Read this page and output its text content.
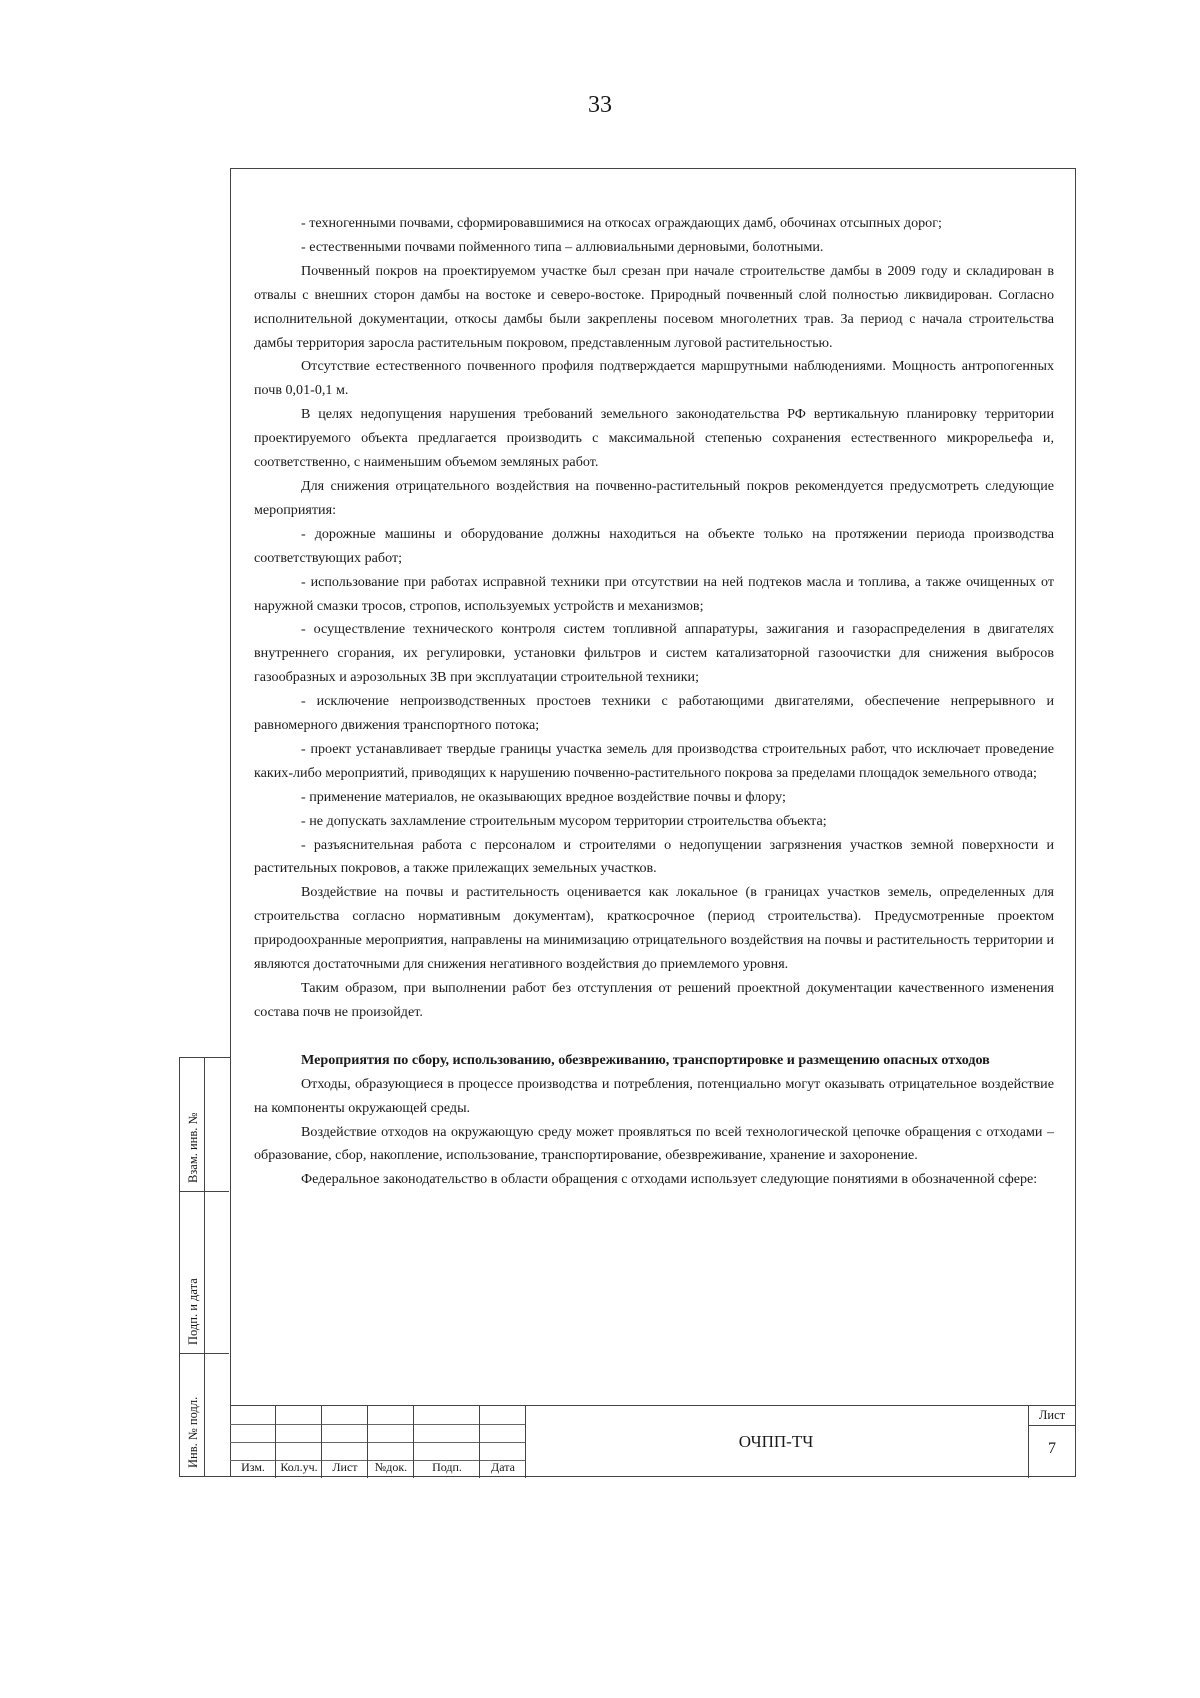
33

- техногенными почвами, сформировавшимися на откосах ограждающих дамб, обочинах отсыпных дорог;

- естественными почвами пойменного типа – аллювиальными дерновыми, болотными.

Почвенный покров на проектируемом участке был срезан при начале строительстве дамбы в 2009 году и складирован в отвалы с внешних сторон дамбы на востоке и северо-востоке. Природный почвенный слой полностью ликвидирован. Согласно исполнительной документации, откосы дамбы были закреплены посевом многолетних трав. За период с начала строительства дамбы территория заросла растительным покровом, представленным луговой растительностью.

Отсутствие естественного почвенного профиля подтверждается маршрутными наблюдениями. Мощность антропогенных почв 0,01-0,1 м.

В целях недопущения нарушения требований земельного законодательства РФ вертикальную планировку территории проектируемого объекта предлагается производить с максимальной степенью сохранения естественного микрорельефа и, соответственно, с наименьшим объемом земляных работ.

Для снижения отрицательного воздействия на почвенно-растительный покров рекомендуется предусмотреть следующие мероприятия:

- дорожные машины и оборудование должны находиться на объекте только на протяжении периода производства соответствующих работ;

- использование при работах исправной техники при отсутствии на ней подтеков масла и топлива, а также очищенных от наружной смазки тросов, стропов, используемых устройств и механизмов;

- осуществление технического контроля систем топливной аппаратуры, зажигания и газораспределения в двигателях внутреннего сгорания, их регулировки, установки фильтров и систем катализаторной газоочистки для снижения выбросов газообразных и аэрозольных ЗВ при эксплуатации строительной техники;

- исключение непроизводственных простоев техники с работающими двигателями, обеспечение непрерывного и равномерного движения транспортного потока;

- проект устанавливает твердые границы участка земель для производства строительных работ, что исключает проведение каких-либо мероприятий, приводящих к нарушению почвенно-растительного покрова за пределами площадок земельного отвода;

- применение материалов, не оказывающих вредное воздействие почвы и флору;

- не допускать захламление строительным мусором территории строительства объекта;

- разъяснительная работа с персоналом и строителями о недопущении загрязнения участков земной поверхности и растительных покровов, а также прилежащих земельных участков.

Воздействие на почвы и растительность оценивается как локальное (в границах участков земель, определенных для строительства согласно нормативным документам), краткосрочное (период строительства). Предусмотренные проектом природоохранные мероприятия, направлены на минимизацию отрицательного воздействия на почвы и растительность территории и являются достаточными для снижения негативного воздействия до приемлемого уровня.

Таким образом, при выполнении работ без отступления от решений проектной документации качественного изменения состава почв не произойдет.

Мероприятия по сбору, использованию, обезвреживанию, транспортировке и размещению опасных отходов

Отходы, образующиеся в процессе производства и потребления, потенциально могут оказывать отрицательное воздействие на компоненты окружающей среды.

Воздействие отходов на окружающую среду может проявляться по всей технологической цепочке обращения с отходами – образование, сбор, накопление, использование, транспортирование, обезвреживание, хранение и захоронение.

Федеральное законодательство в области обращения с отходами использует следующие понятиями в обозначенной сфере:

Взам. инв. №
Подп. и дата
Инв. № подл.	Изм.	Кол.уч.	Лист	№док.	Подп.	Дата
ОЧПП-ТЧ
Лист
7
